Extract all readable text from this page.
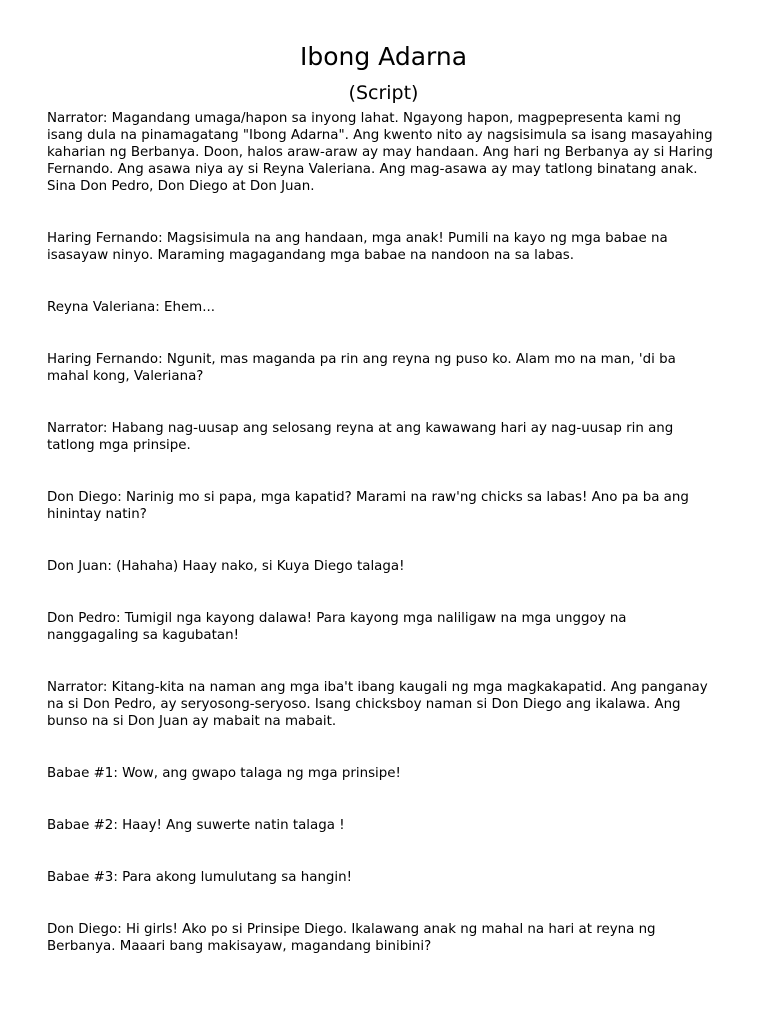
Ibong Adarna
(Script)

Narrator: Magandang umaga/hapon sa inyong lahat. Ngayong hapon, magpepresenta kami ng isang dula na pinamagatang "Ibong Adarna". Ang kwento nito ay nagsisimula sa isang masayahing kaharian ng Berbanya. Doon, halos araw-araw ay may handaan. Ang hari ng Berbanya ay si Haring Fernando. Ang asawa niya ay si Reyna Valeriana. Ang mag-asawa ay may tatlong binatang anak. Sina Don Pedro, Don Diego at Don Juan.

Haring Fernando: Magsisimula na ang handaan, mga anak! Pumili na kayo ng mga babae na isasayaw ninyo. Maraming magagandang mga babae na nandoon na sa labas.

Reyna Valeriana: Ehem...

Haring Fernando: Ngunit, mas maganda pa rin ang reyna ng puso ko. Alam mo na man, 'di ba mahal kong, Valeriana?

Narrator: Habang nag-uusap ang selosang reyna at ang kawawang hari ay nag-uusap rin ang tatlong mga prinsipe.

Don Diego: Narinig mo si papa, mga kapatid? Marami na raw'ng chicks sa labas! Ano pa ba ang hinintay natin?

Don Juan: (Hahaha) Haay nako, si Kuya Diego talaga!

Don Pedro: Tumigil nga kayong dalawa! Para kayong mga naliligaw na mga unggoy na nanggagaling sa kagubatan!

Narrator: Kitang-kita na naman ang mga iba't ibang kaugali ng mga magkakapatid. Ang panganay na si Don Pedro, ay seryosong-seryoso. Isang chicksboy naman si Don Diego ang ikalawa. Ang bunso na si Don Juan ay mabait na mabait.

Babae #1: Wow, ang gwapo talaga ng mga prinsipe!

Babae #2: Haay! Ang suwerte natin talaga !

Babae #3: Para akong lumulutang sa hangin!

Don Diego: Hi girls! Ako po si Prinsipe Diego. Ikalawang anak ng mahal na hari at reyna ng Berbanya. Maaari bang makisayaw, magandang binibini?
